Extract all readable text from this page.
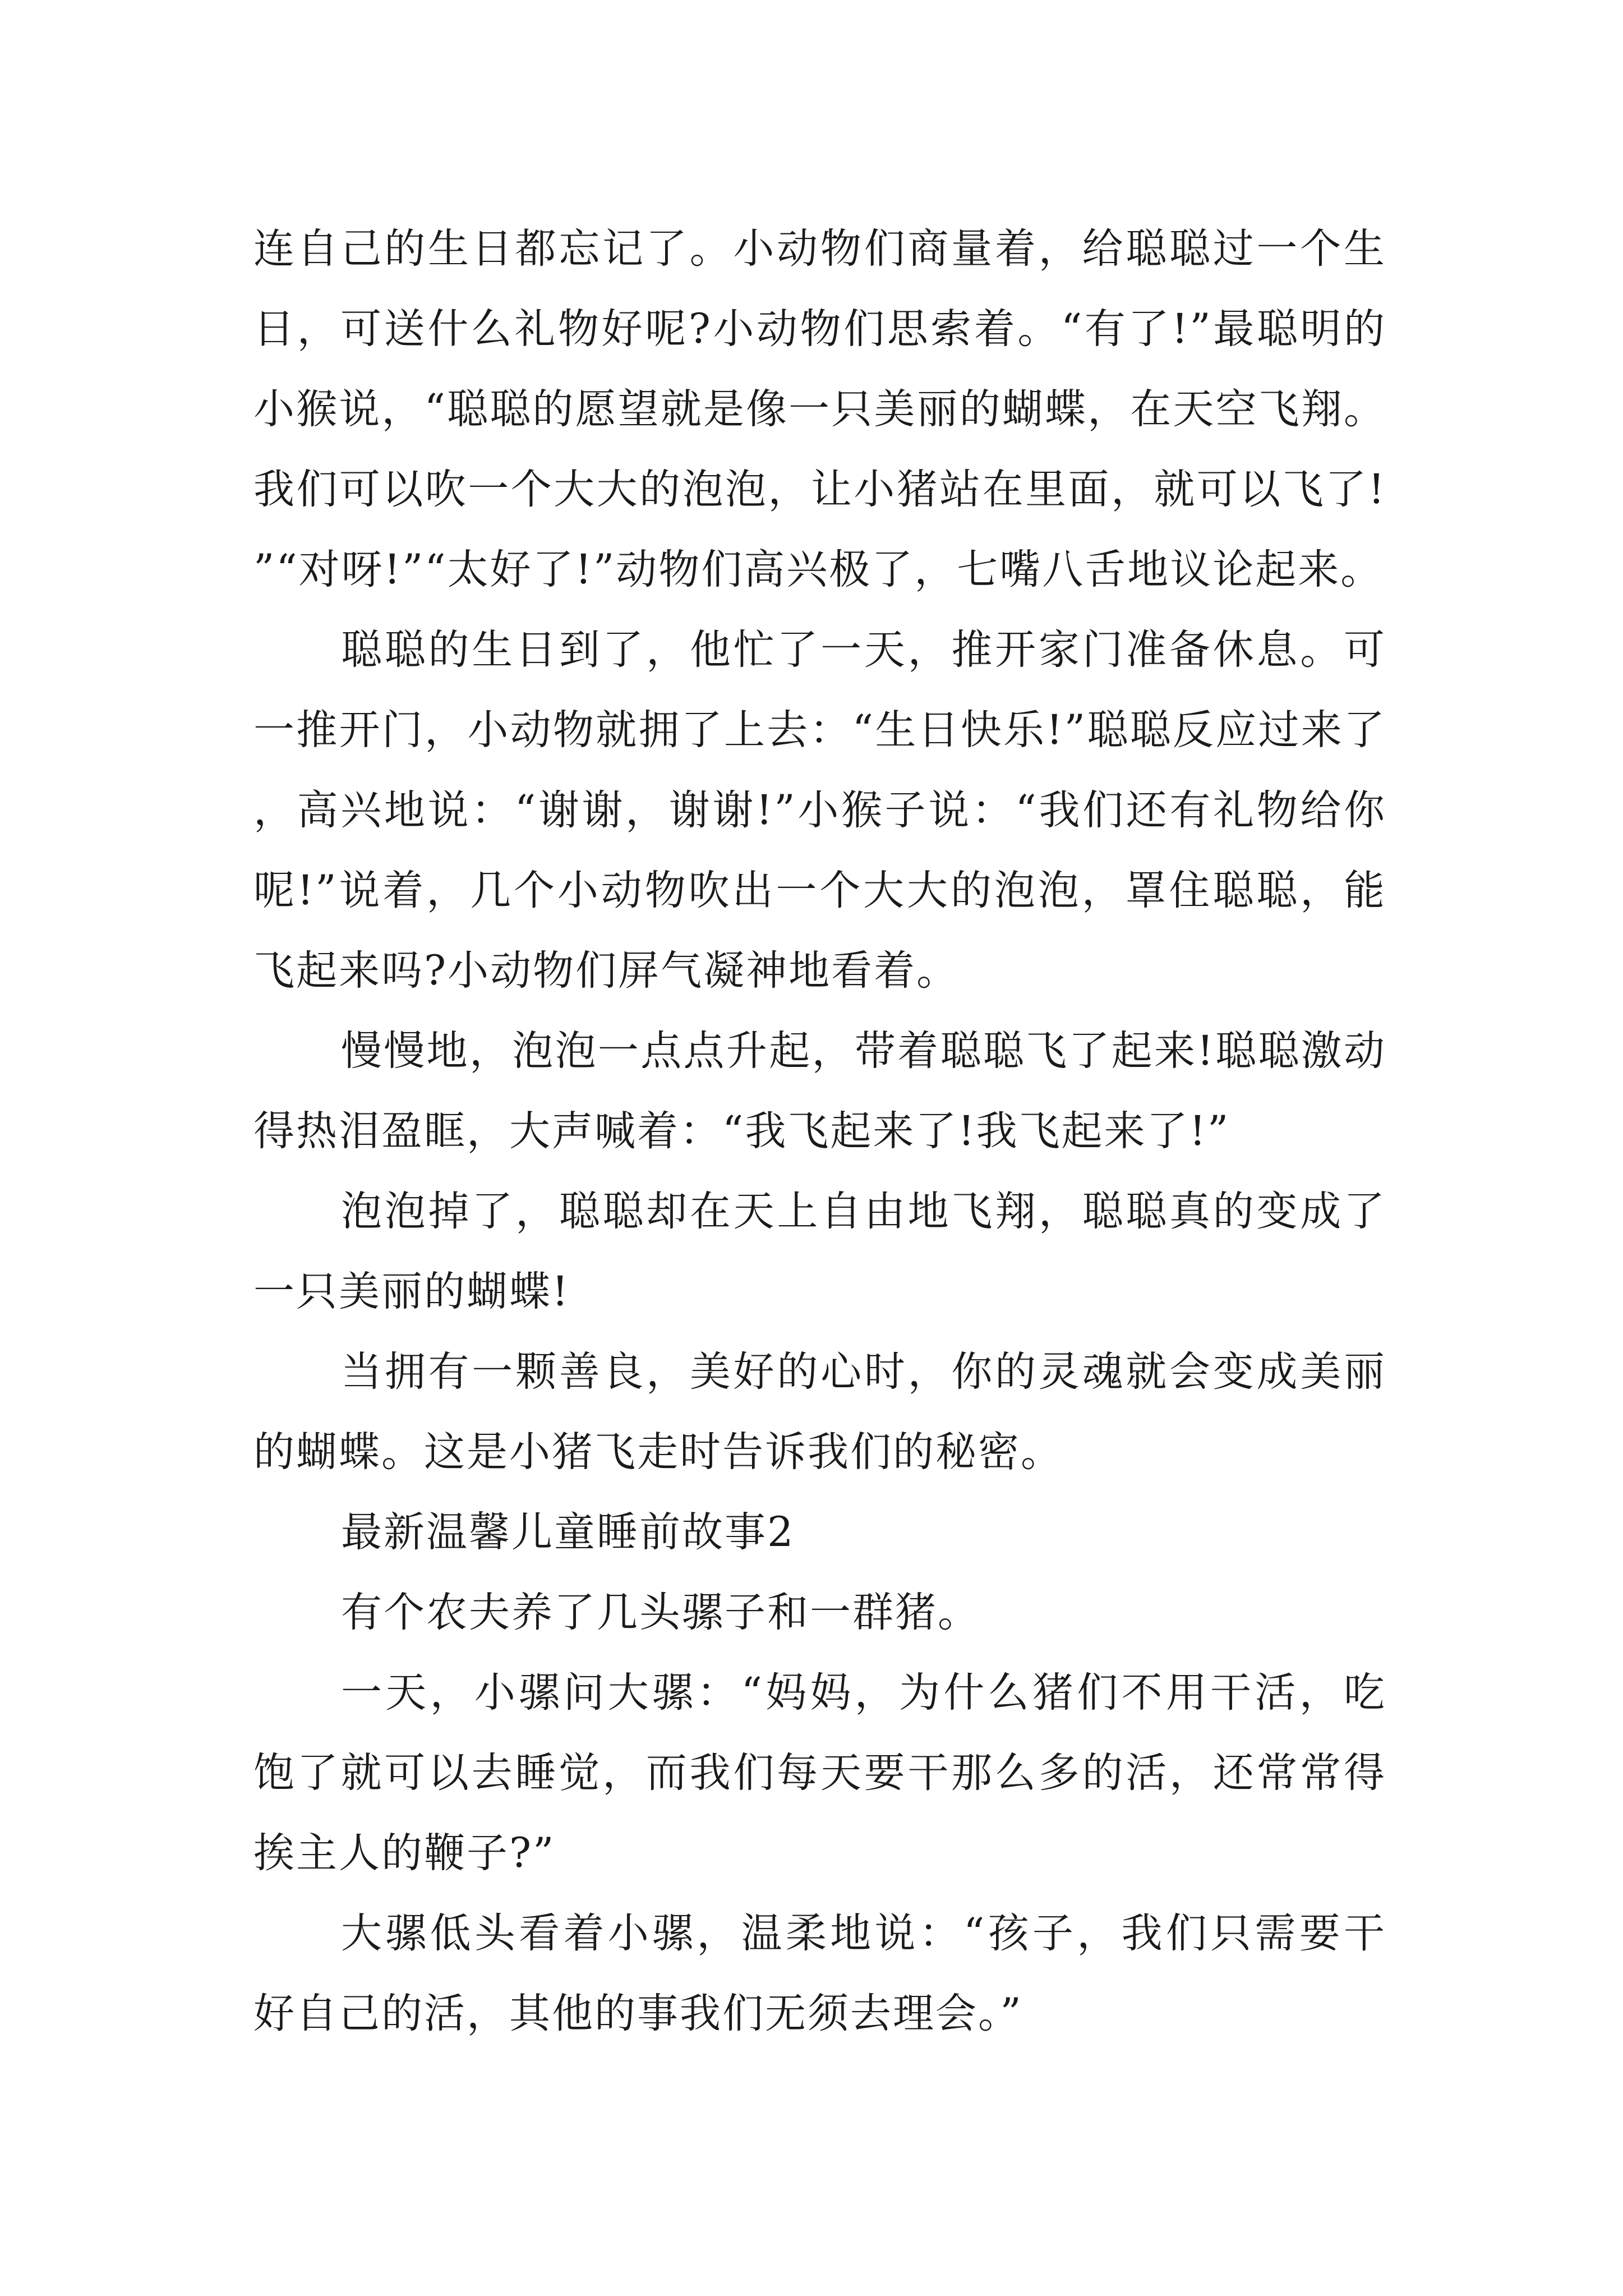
连自己的生日都忘记了。小动物们商量着，给聪聪过一个生日，可送什么礼物好呢?小动物们思索着。“有了!”最聪明的小猴说，“聪聪的愿望就是像一只美丽的蝴蝶，在天空飞翔。我们可以吹一个大大的泡泡，让小猪站在里面，就可以飞了!”“对呀!”“太好了!”动物们高兴极了，七嘴八舌地议论起来。

聪聪的生日到了，他忙了一天，推开家门准备休息。可一推开门，小动物就拥了上去：“生日快乐!”聪聪反应过来了，高兴地说：“谢谢，谢谢!”小猴子说：“我们还有礼物给你呢!”说着，几个小动物吹出一个大大的泡泡，罩住聪聪，能飞起来吗?小动物们屏气凝神地看着。

慢慢地，泡泡一点点升起，带着聪聪飞了起来!聪聪激动得热泪盈眶，大声喊着：“我飞起来了!我飞起来了!”

泡泡掉了，聪聪却在天上自由地飞翔，聪聪真的变成了一只美丽的蝴蝶!

当拥有一颗善良，美好的心时，你的灵魂就会变成美丽的蝴蝶。这是小猪飞走时告诉我们的秘密。

最新温馨儿童睡前故事2

有个农夫养了几头骡子和一群猪。

一天，小骡问大骡：“妈妈，为什么猪们不用干活，吃饱了就可以去睡觉，而我们每天要干那么多的活，还常常得挨主人的鞭子?”

大骡低头看着小骡，温柔地说：“孩子，我们只需要干好自己的活，其他的事我们无须去理会。”
